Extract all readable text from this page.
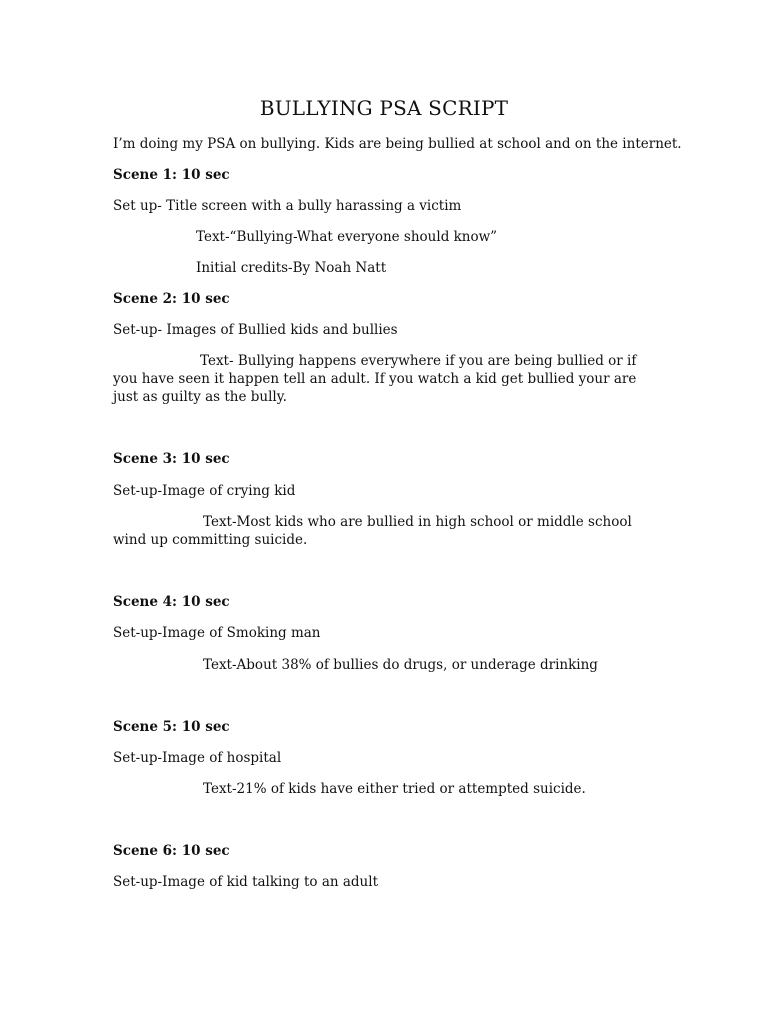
BULLYING PSA SCRIPT
I’m doing my PSA on bullying. Kids are being bullied at school and on the internet.
Scene 1: 10 sec
Set up- Title screen with a bully harassing a victim
Text-“Bullying-What everyone should know”
Initial credits-By Noah Natt
Scene 2: 10 sec
Set-up- Images of Bullied kids and bullies
Text- Bullying happens everywhere if you are being bullied or if you have seen it happen tell an adult. If you watch a kid get bullied your are just as guilty as the bully.
Scene 3: 10 sec
Set-up-Image of crying kid
Text-Most kids who are bullied in high school or middle school wind up committing suicide.
Scene 4: 10 sec
Set-up-Image of Smoking man
Text-About 38% of bullies do drugs, or underage drinking
Scene 5: 10 sec
Set-up-Image of hospital
Text-21% of kids have either tried or attempted suicide.
Scene 6: 10 sec
Set-up-Image of kid talking to an adult
